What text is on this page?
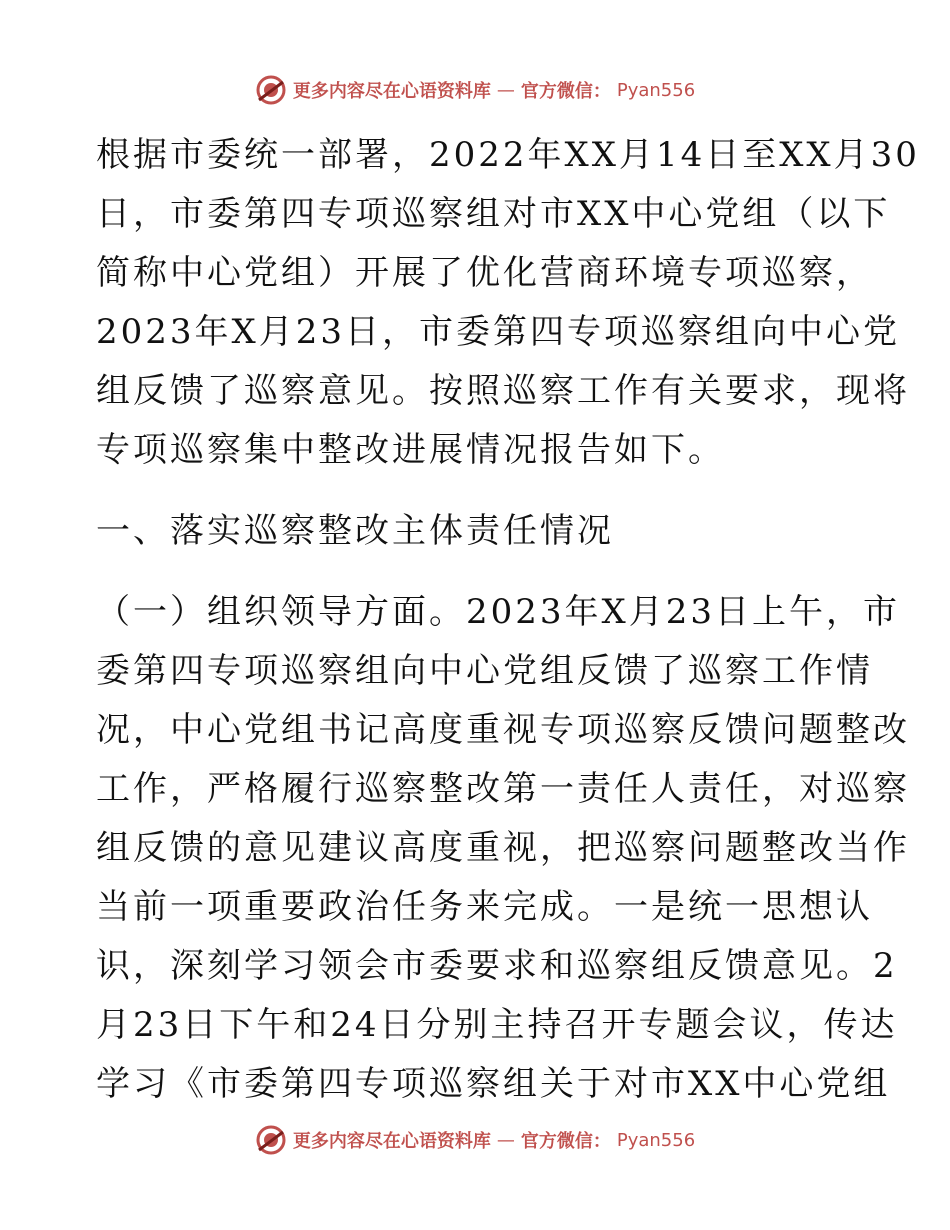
更多内容尽在心语资料库 — 官方微信： Pyan556
根据市委统一部署，2022年XX月14日至XX月30
日，市委第四专项巡察组对市XX中心党组（以下
简称中心党组）开展了优化营商环境专项巡察，
2023年X月23日，市委第四专项巡察组向中心党
组反馈了巡察意见。按照巡察工作有关要求，现将
专项巡察集中整改进展情况报告如下。
一、落实巡察整改主体责任情况
（一）组织领导方面。2023年X月23日上午，市
委第四专项巡察组向中心党组反馈了巡察工作情
况，中心党组书记高度重视专项巡察反馈问题整改
工作，严格履行巡察整改第一责任人责任，对巡察
组反馈的意见建议高度重视，把巡察问题整改当作
当前一项重要政治任务来完成。一是统一思想认
识，深刻学习领会市委要求和巡察组反馈意见。2
月23日下午和24日分别主持召开专题会议，传达
学习《市委第四专项巡察组关于对市XX中心党组
更多内容尽在心语资料库 — 官方微信： Pyan556
